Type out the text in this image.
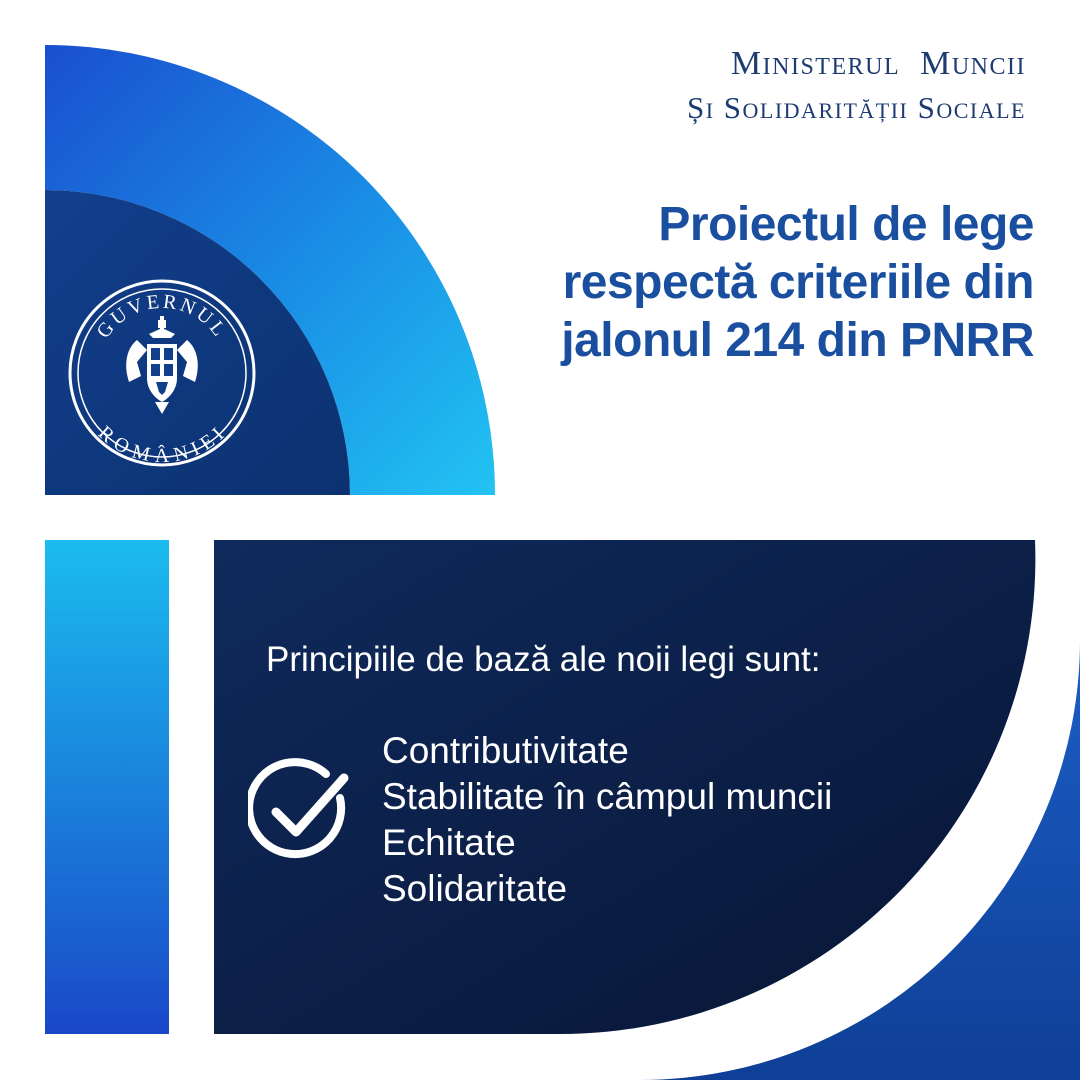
Ministerul Muncii
Și Solidarității Sociale
Proiectul de lege
respectă criteriile din
jalonul 214 din PNRR
GUVERNUL
ROMÂNIEI
Principiile de bază ale noii legi sunt:
Contributivitate
Stabilitate în câmpul muncii
Echitate
Solidaritate
